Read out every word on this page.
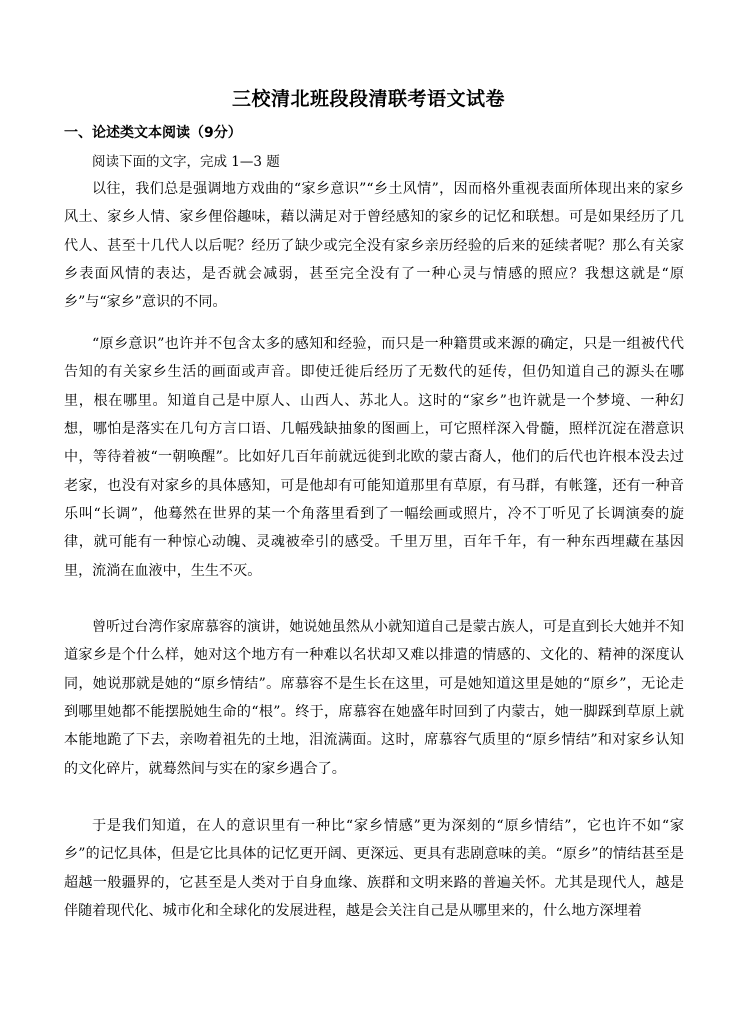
三校清北班段段清联考语文试卷
一、论述类文本阅读（9分）
阅读下面的文字，完成 1—3 题

以往，我们总是强调地方戏曲的“家乡意识”“乡土风情”，因而格外重视表面所体现出来的家乡风土、家乡人情、家乡俚俗趣味，藉以满足对于曾经感知的家乡的记忆和联想。可是如果经历了几代人、甚至十几代人以后呢？经历了缺少或完全没有家乡亲历经验的后来的延续者呢？那么有关家乡表面风情的表达，是否就会减弱，甚至完全没有了一种心灵与情感的照应？我想这就是“原乡”与“家乡”意识的不同。

“原乡意识”也许并不包含太多的感知和经验，而只是一种籍贯或来源的确定，只是一组被代代告知的有关家乡生活的画面或声音。即使迁徙后经历了无数代的延传，但仍知道自己的源头在哪里，根在哪里。知道自己是中原人、山西人、苏北人。这时的“家乡”也许就是一个梦境、一种幻想，哪怕是落实在几句方言口语、几幅残缺抽象的图画上，可它照样深入骨髓，照样沉淀在潜意识中，等待着被“一朝唤醒”。比如好几百年前就远徙到北欧的蒙古裔人，他们的后代也许根本没去过老家，也没有对家乡的具体感知，可是他却有可能知道那里有草原，有马群，有帐篷，还有一种音乐叫“长调”，他蓦然在世界的某一个角落里看到了一幅绘画或照片，冷不丁听见了长调演奏的旋律，就可能有一种惊心动魄、灵魂被牵引的感受。千里万里，百年千年，有一种东西埋藏在基因里，流淌在血液中，生生不灭。

曾听过台湾作家席慕容的演讲，她说她虽然从小就知道自己是蒙古族人，可是直到长大她并不知道家乡是个什么样，她对这个地方有一种难以名状却又难以排遣的情感的、文化的、精神的深度认同，她说那就是她的“原乡情结”。席慕容不是生长在这里，可是她知道这里是她的“原乡”，无论走到哪里她都不能摆脱她生命的“根”。终于，席慕容在她盛年时回到了内蒙古，她一脚踩到草原上就本能地跪了下去，亲吻着祖先的土地，泪流满面。这时，席慕容气质里的“原乡情结”和对家乡认知的文化碎片，就蓦然间与实在的家乡遇合了。

于是我们知道，在人的意识里有一种比“家乡情感”更为深刻的“原乡情结”，它也许不如“家乡”的记忆具体，但是它比具体的记忆更开阔、更深远、更具有悲剧意味的美。“原乡”的情结甚至是超越一般疆界的，它甚至是人类对于自身血缘、族群和文明来路的普遍关怀。尤其是现代人，越是伴随着现代化、城市化和全球化的发展进程，越是会关注自己是从哪里来的，什么地方深埋着
